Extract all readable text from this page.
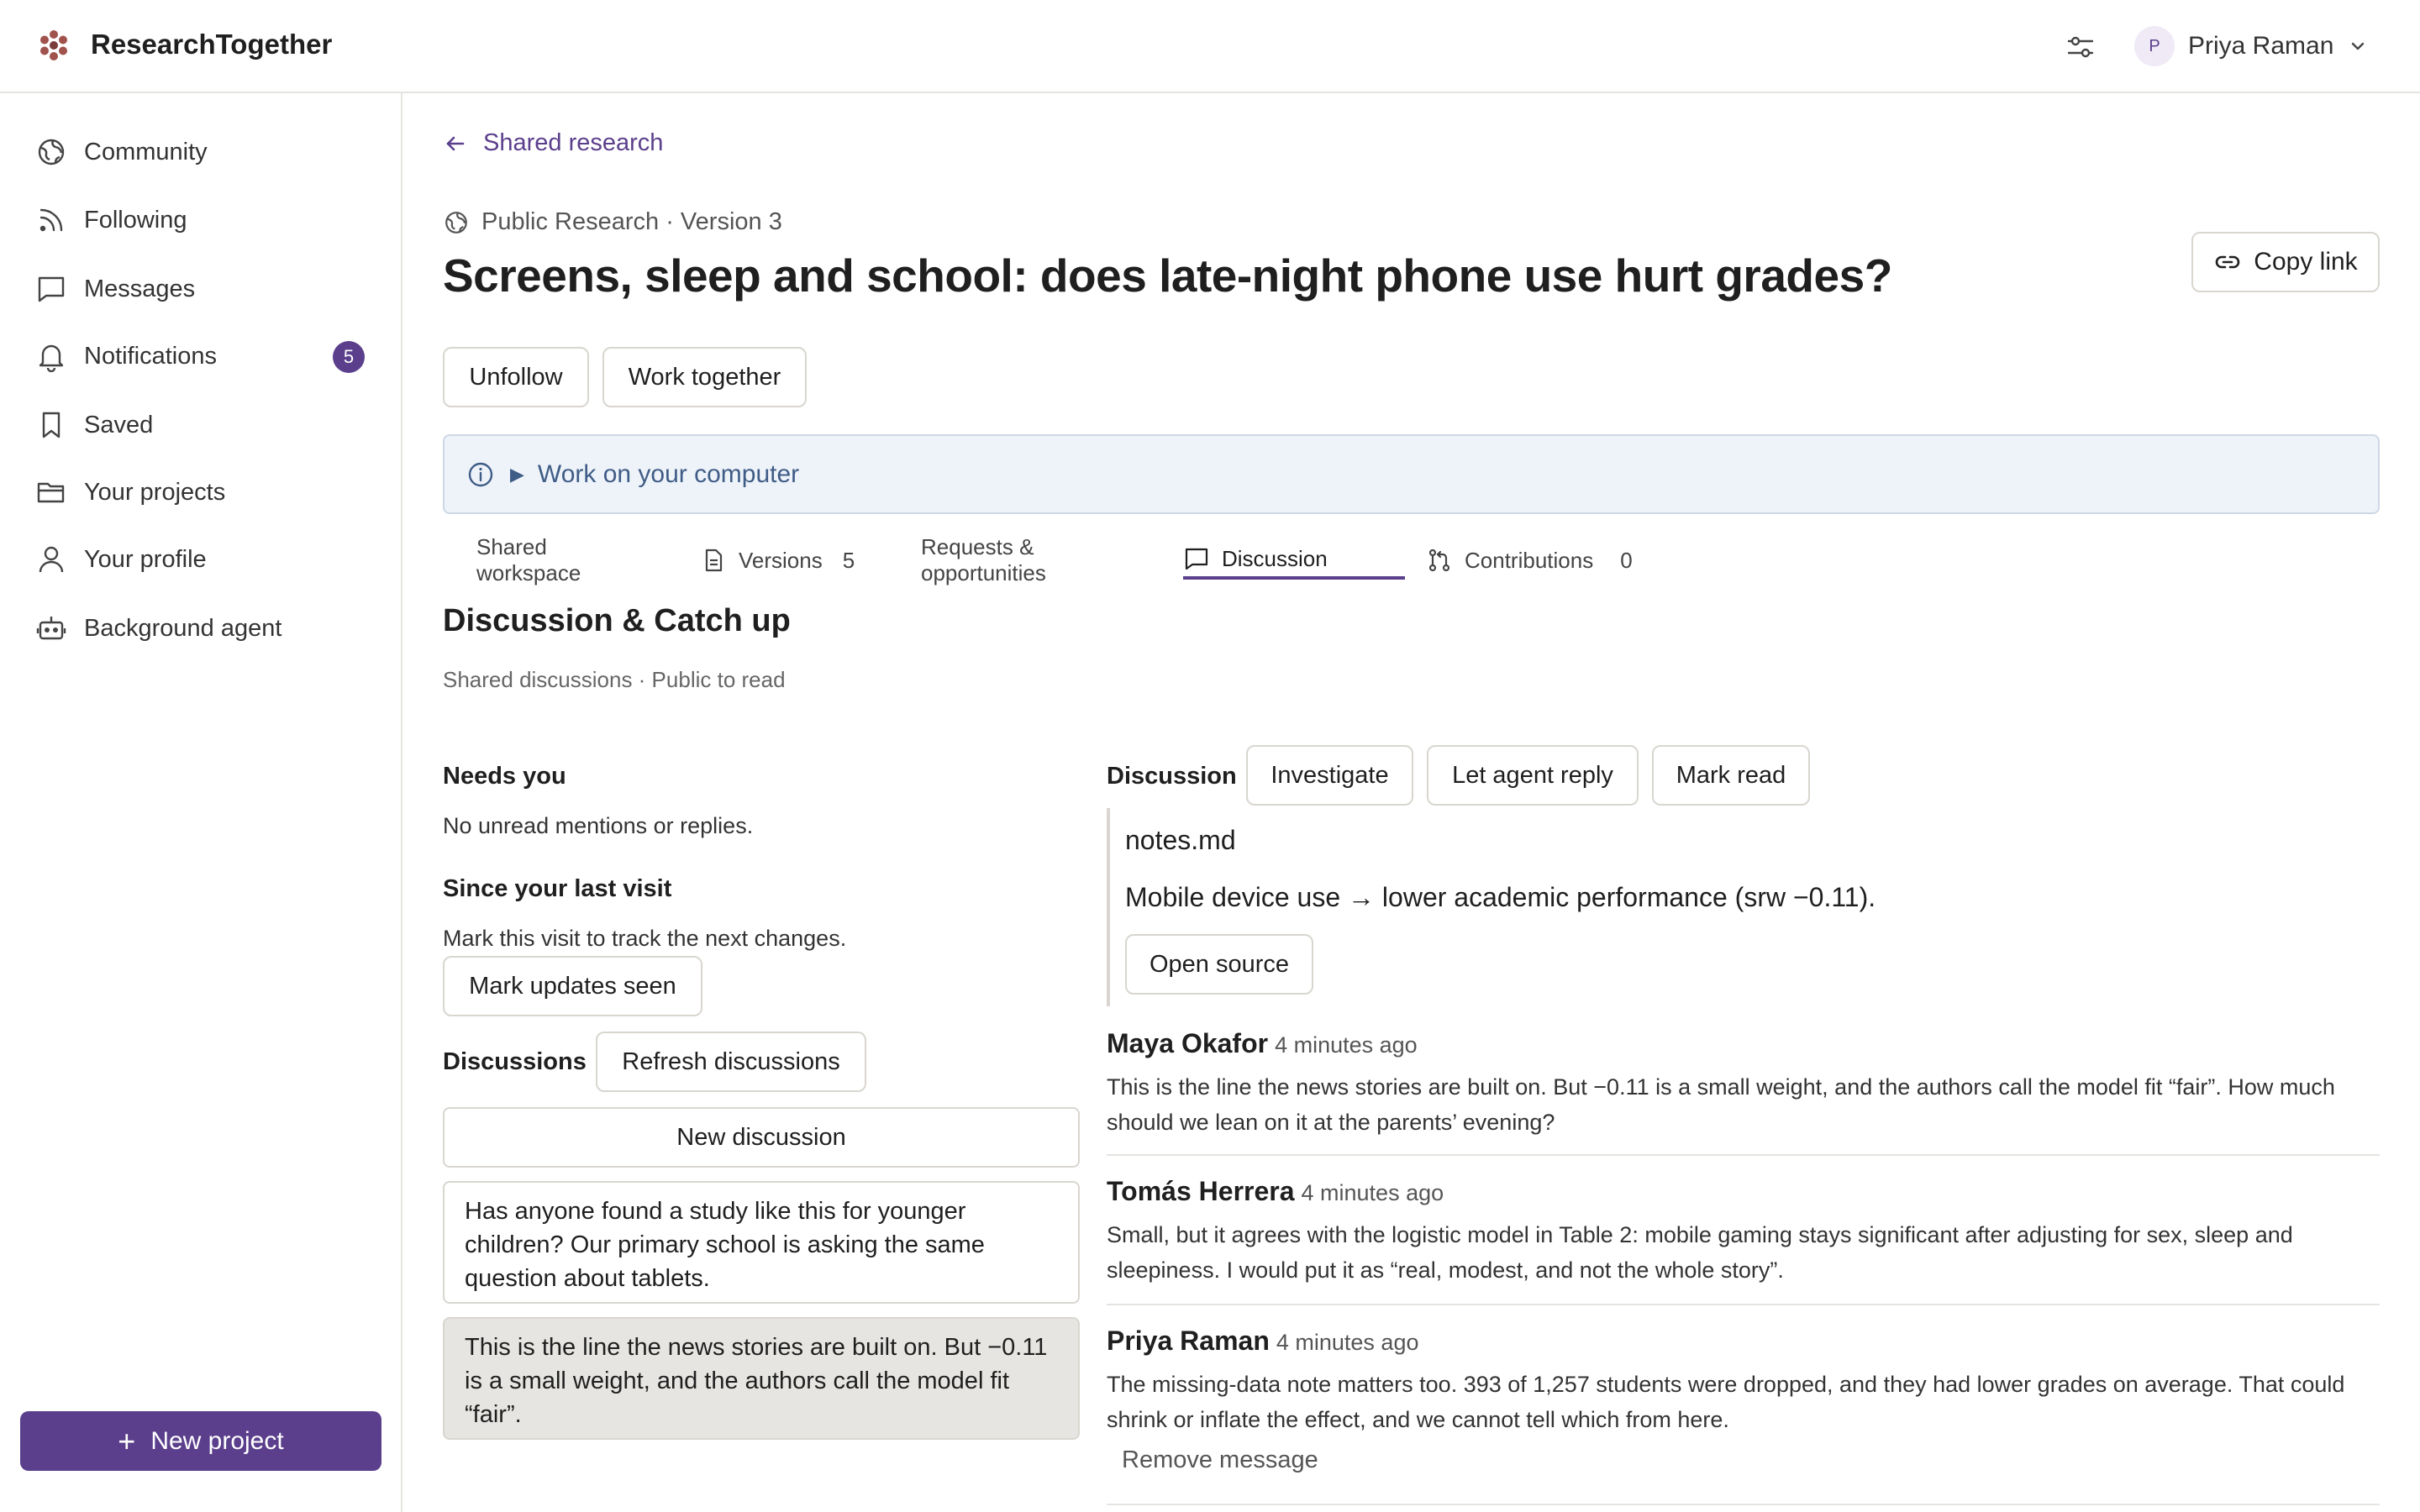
ResearchTogether	P	Priya Raman
Community
Following
Messages
Notifications	5
Saved
Your projects
Your profile
Background agent
+ New project
Shared research
Public Research · Version 3
Screens, sleep and school: does late-night phone use hurt grades?	Copy link
Unfollow	Work together
▶ Work on your computer
Shared workspace
Versions 5
Requests & opportunities
Discussion	Contributions 0
Discussion & Catch up
Shared discussions · Public to read
Needs you
No unread mentions or replies.
Since your last visit
Mark this visit to track the next changes.
Mark updates seen
Discussions	Refresh discussions
New discussion
Has anyone found a study like this for younger children? Our primary school is asking the same question about tablets.
This is the line the news stories are built on. But −0.11 is a small weight, and the authors call the model fit “fair”.
Discussion	Investigate	Let agent reply	Mark read
notes.md
Mobile device use → lower academic performance (srw −0.11).
Open source
Maya Okafor 4 minutes ago
This is the line the news stories are built on. But −0.11 is a small weight, and the authors call the model fit “fair”. How much should we lean on it at the parents’ evening?
Tomás Herrera 4 minutes ago
Small, but it agrees with the logistic model in Table 2: mobile gaming stays significant after adjusting for sex, sleep and sleepiness. I would put it as “real, modest, and not the whole story”.
Priya Raman 4 minutes ago
The missing-data note matters too. 393 of 1,257 students were dropped, and they had lower grades on average. That could shrink or inflate the effect, and we cannot tell which from here.
Remove message
